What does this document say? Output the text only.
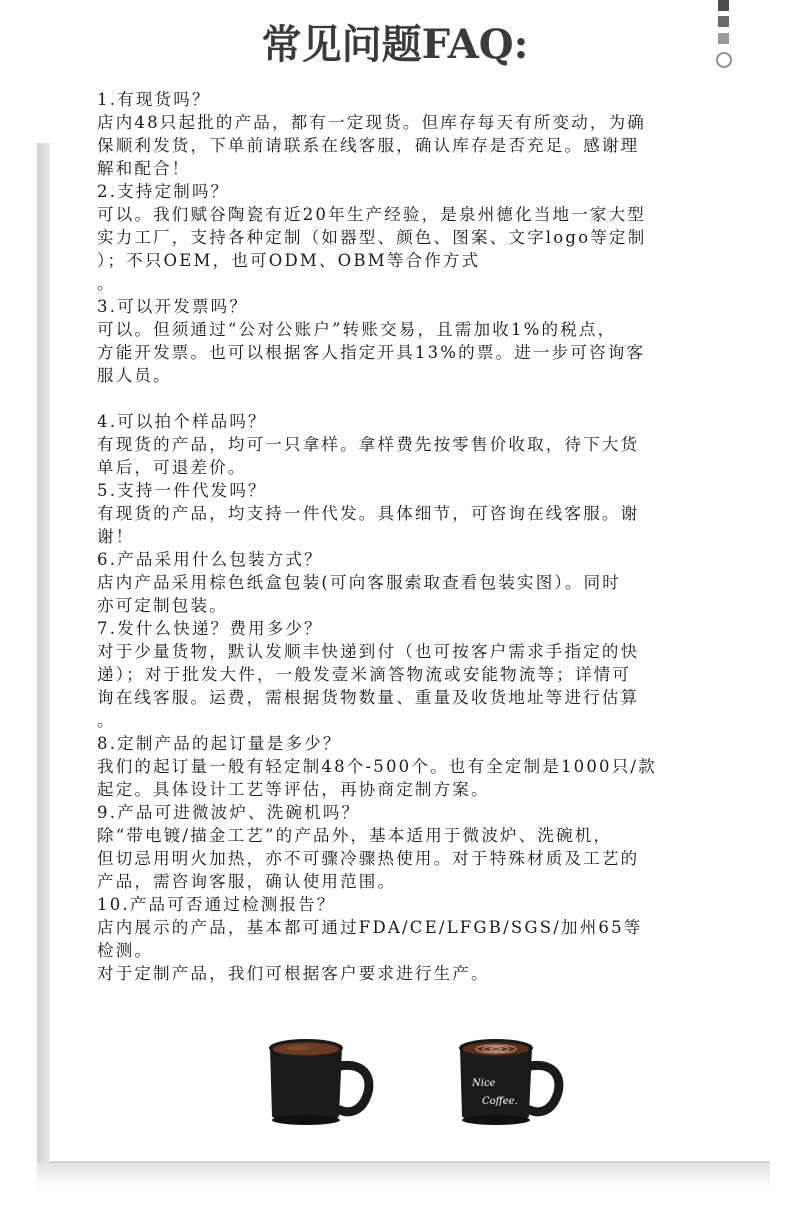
常见问题FAQ:

1.有现货吗？

店内48只起批的产品，都有一定现货。但库存每天有所变动，为确

保顺利发货，下单前请联系在线客服，确认库存是否充足。感谢理

解和配合！

2.支持定制吗？

可以。我们赋谷陶瓷有近20年生产经验，是泉州德化当地一家大型

实力工厂，支持各种定制（如器型、颜色、图案、文字logo等定制

）；不只OEM，也可ODM、OBM等合作方式

。

3.可以开发票吗？

可以。但须通过“公对公账户”转账交易，且需加收1%的税点，

方能开发票。也可以根据客人指定开具13%的票。进一步可咨询客

服人员。

4.可以拍个样品吗？

有现货的产品，均可一只拿样。拿样费先按零售价收取，待下大货

单后，可退差价。

5.支持一件代发吗？

有现货的产品，均支持一件代发。具体细节，可咨询在线客服。谢

谢！

6.产品采用什么包装方式？

店内产品采用棕色纸盒包装(可向客服索取查看包装实图）。同时

亦可定制包装。

7.发什么快递？费用多少？

对于少量货物，默认发顺丰快递到付（也可按客户需求手指定的快

递）；对于批发大件，一般发壹米滴答物流或安能物流等；详情可

询在线客服。运费，需根据货物数量、重量及收货地址等进行估算

。

8.定制产品的起订量是多少？

我们的起订量一般有轻定制48个-500个。也有全定制是1000只/款

起定。具体设计工艺等评估，再协商定制方案。

9.产品可进微波炉、洗碗机吗？

除“带电镀/描金工艺”的产品外，基本适用于微波炉、洗碗机，

但切忌用明火加热，亦不可骤冷骤热使用。对于特殊材质及工艺的

产品，需咨询客服，确认使用范围。

10.产品可否通过检测报告？

店内展示的产品，基本都可通过FDA/CE/LFGB/SGS/加州65等

检测。

对于定制产品，我们可根据客户要求进行生产。

Nice
Coffee.
